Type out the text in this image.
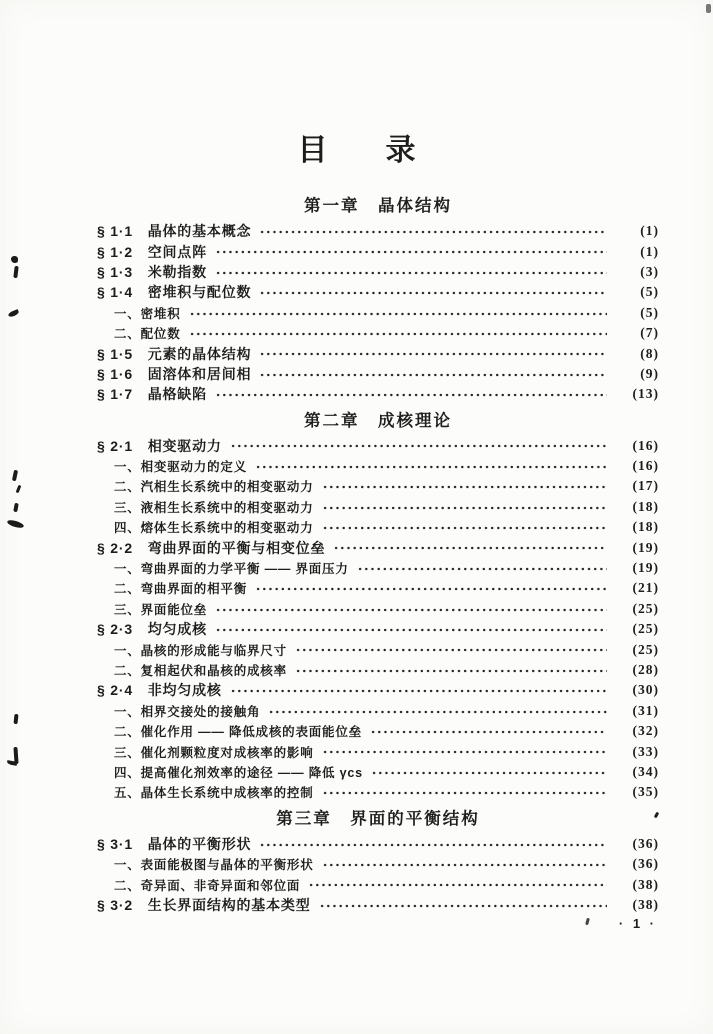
目　录
第一章　晶体结构
§ 1·1　晶体的基本概念	(1)
§ 1·2　空间点阵	(1)
§ 1·3　米勒指数	(3)
§ 1·4　密堆积与配位数	(5)
一、密堆积	(5)
二、配位数	(7)
§ 1·5　元素的晶体结构	(8)
§ 1·6　固溶体和居间相	(9)
§ 1·7　晶格缺陷	(13)
第二章　成核理论
§ 2·1　相变驱动力	(16)
一、相变驱动力的定义	(16)
二、汽相生长系统中的相变驱动力	(17)
三、液相生长系统中的相变驱动力	(18)
四、熔体生长系统中的相变驱动力	(18)
§ 2·2　弯曲界面的平衡与相变位垒	(19)
一、弯曲界面的力学平衡 —— 界面压力	(19)
二、弯曲界面的相平衡	(21)
三、界面能位垒	(25)
§ 2·3　均匀成核	(25)
一、晶核的形成能与临界尺寸	(25)
二、复相起伏和晶核的成核率	(28)
§ 2·4　非均匀成核	(30)
一、相界交接处的接触角	(31)
二、催化作用 —— 降低成核的表面能位垒	(32)
三、催化剂颗粒度对成核率的影响	(33)
四、提高催化剂效率的途径 —— 降低 γcs	(34)
五、晶体生长系统中成核率的控制	(35)
第三章　界面的平衡结构
§ 3·1　晶体的平衡形状	(36)
一、表面能极图与晶体的平衡形状	(36)
二、奇异面、非奇异面和邻位面	(38)
§ 3·2　生长界面结构的基本类型	(38)
· 1 ·
